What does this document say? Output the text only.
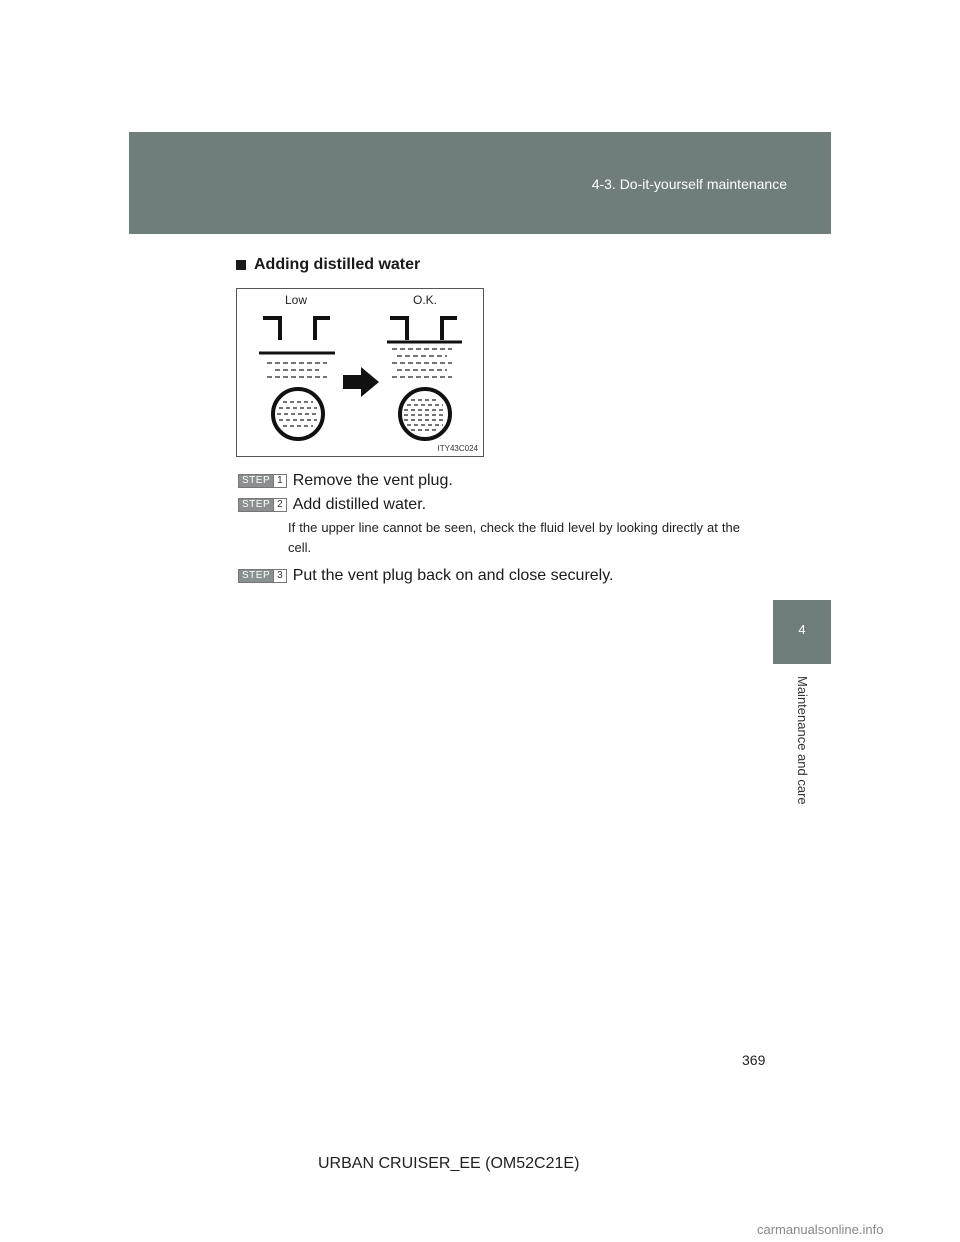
4-3. Do-it-yourself maintenance
4
Maintenance and care
Adding distilled water
Low	O.K.
ITY43C024
STEP 1 Remove the vent plug.
STEP 2 Add distilled water.
If the upper line cannot be seen, check the fluid level by looking directly at the cell.
STEP 3 Put the vent plug back on and close securely.
369
URBAN CRUISER_EE (OM52C21E)
carmanualsonline.info
